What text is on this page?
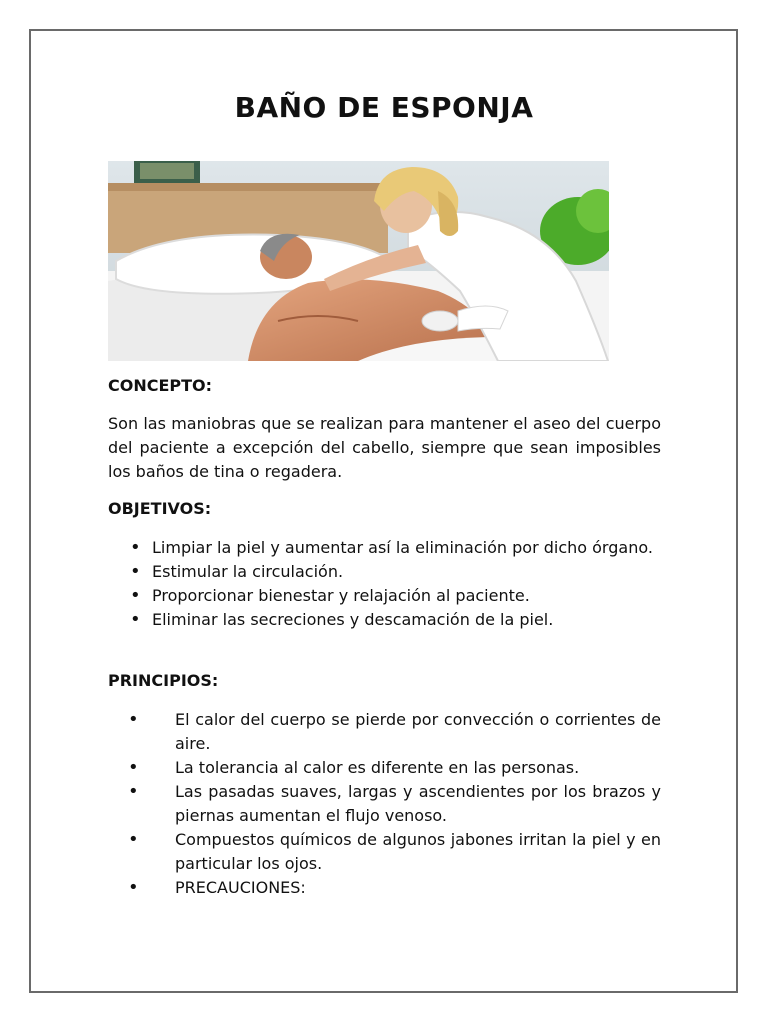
BAÑO DE ESPONJA
CONCEPTO:
Son las maniobras que se realizan para mantener el aseo del cuerpo del paciente a excepción del cabello, siempre que sean imposibles los baños de tina o regadera.
OBJETIVOS:
• Limpiar la piel y aumentar así la eliminación por dicho órgano.
• Estimular la circulación.
• Proporcionar bienestar y relajación al paciente.
• Eliminar las secreciones y descamación de la piel.
PRINCIPIOS:
• El calor del cuerpo se pierde por convección o corrientes de aire.
• La tolerancia al calor es diferente en las personas.
• Las pasadas suaves, largas y ascendientes por los brazos y piernas aumentan el flujo venoso.
• Compuestos químicos de algunos jabones irritan la piel y en particular los ojos.
• PRECAUCIONES:
